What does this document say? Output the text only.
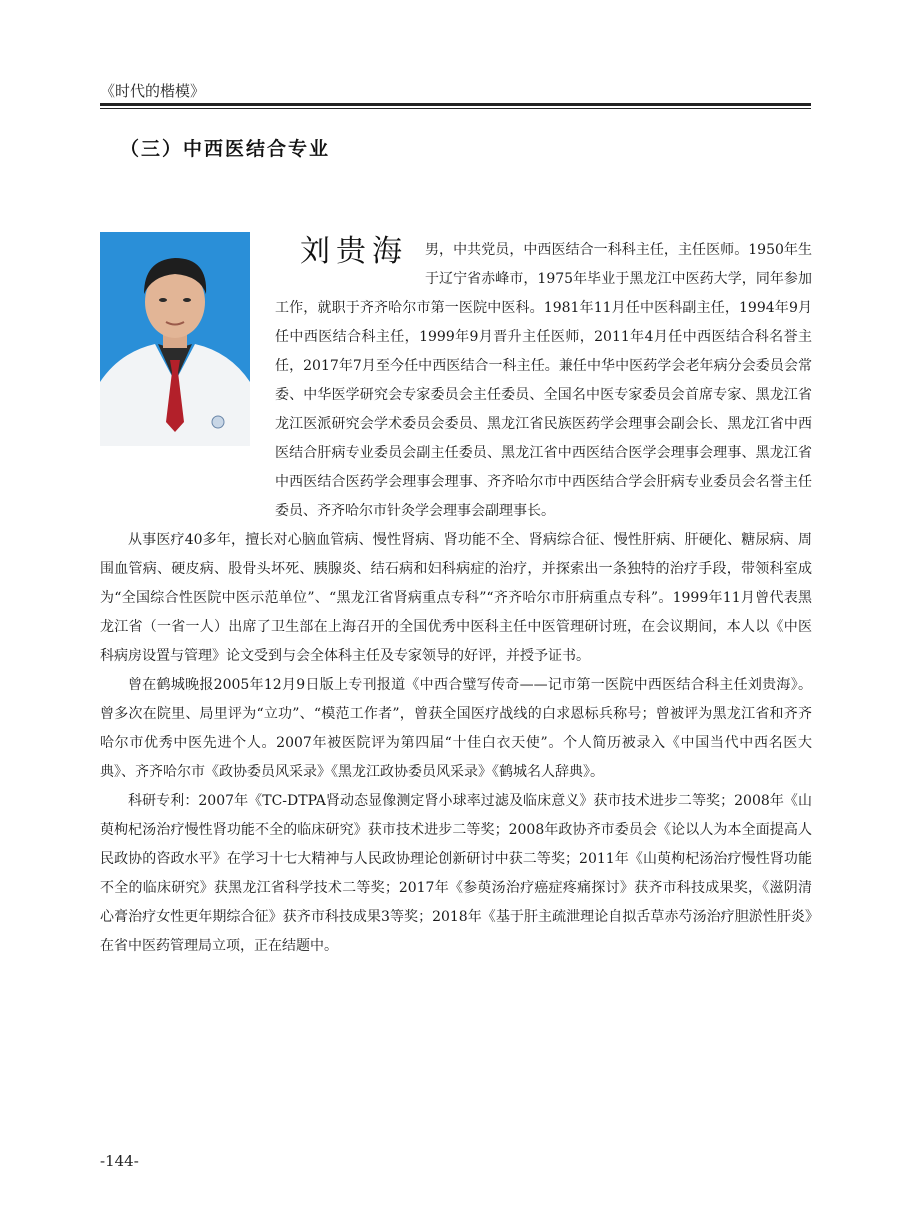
《时代的楷模》
（三）中西医结合专业

男，中共党员，中西医结合一科科主任，主任医师。1950年生于辽宁省赤峰市，1975年毕业于黑龙江中医药大学，同年参加工作，就职于齐齐哈尔市第一医院中医科。1981年11月任中医科副主任，1994年9月任中西医结合科主任，1999年9月晋升主任医师，2011年4月任中西医结合科名誉主任，2017年7月至今任中西医结合一科主任。兼任中华中医药学会老年病分会委员会常委、中华医学研究会专家委员会主任委员、全国名中医专家委员会首席专家、黑龙江省龙江医派研究会学术委员会委员、黑龙江省民族医药学会理事会副会长、黑龙江省中西医结合肝病专业委员会副主任委员、黑龙江省中西医结合医学会理事会理事、黑龙江省中西医结合医药学会理事会理事、齐齐哈尔市中西医结合学会肝病专业委员会名誉主任委员、齐齐哈尔市针灸学会理事会副理事长。

从事医疗40多年，擅长对心脑血管病、慢性肾病、肾功能不全、肾病综合征、慢性肝病、肝硬化、糖尿病、周围血管病、硬皮病、股骨头坏死、胰腺炎、结石病和妇科病症的治疗，并探索出一条独特的治疗手段，带领科室成为“全国综合性医院中医示范单位”、“黑龙江省肾病重点专科”“齐齐哈尔市肝病重点专科”。1999年11月曾代表黑龙江省（一省一人）出席了卫生部在上海召开的全国优秀中医科主任中医管理研讨班，在会议期间，本人以《中医科病房设置与管理》论文受到与会全体科主任及专家领导的好评，并授予证书。

曾在鹤城晚报2005年12月9日版上专刊报道《中西合璧写传奇——记市第一医院中西医结合科主任刘贵海》。曾多次在院里、局里评为“立功”、“模范工作者”，曾获全国医疗战线的白求恩标兵称号；曾被评为黑龙江省和齐齐哈尔市优秀中医先进个人。2007年被医院评为第四届“十佳白衣天使”。个人简历被录入《中国当代中西名医大典》、齐齐哈尔市《政协委员风采录》《黑龙江政协委员风采录》《鹤城名人辞典》。

科研专利：2007年《TC-DTPA肾动态显像测定肾小球率过滤及临床意义》获市技术进步二等奖；2008年《山萸枸杞汤治疗慢性肾功能不全的临床研究》获市技术进步二等奖；2008年政协齐市委员会《论以人为本全面提高人民政协的咨政水平》在学习十七大精神与人民政协理论创新研讨中获二等奖；2011年《山萸枸杞汤治疗慢性肾功能不全的临床研究》获黑龙江省科学技术二等奖；2017年《参萸汤治疗癌症疼痛探讨》获齐市科技成果奖，《滋阴清心膏治疗女性更年期综合征》获齐市科技成果3等奖；2018年《基于肝主疏泄理论自拟舌草赤芍汤治疗胆淤性肝炎》在省中医药管理局立项，正在结题中。

刘贵海
-144-
